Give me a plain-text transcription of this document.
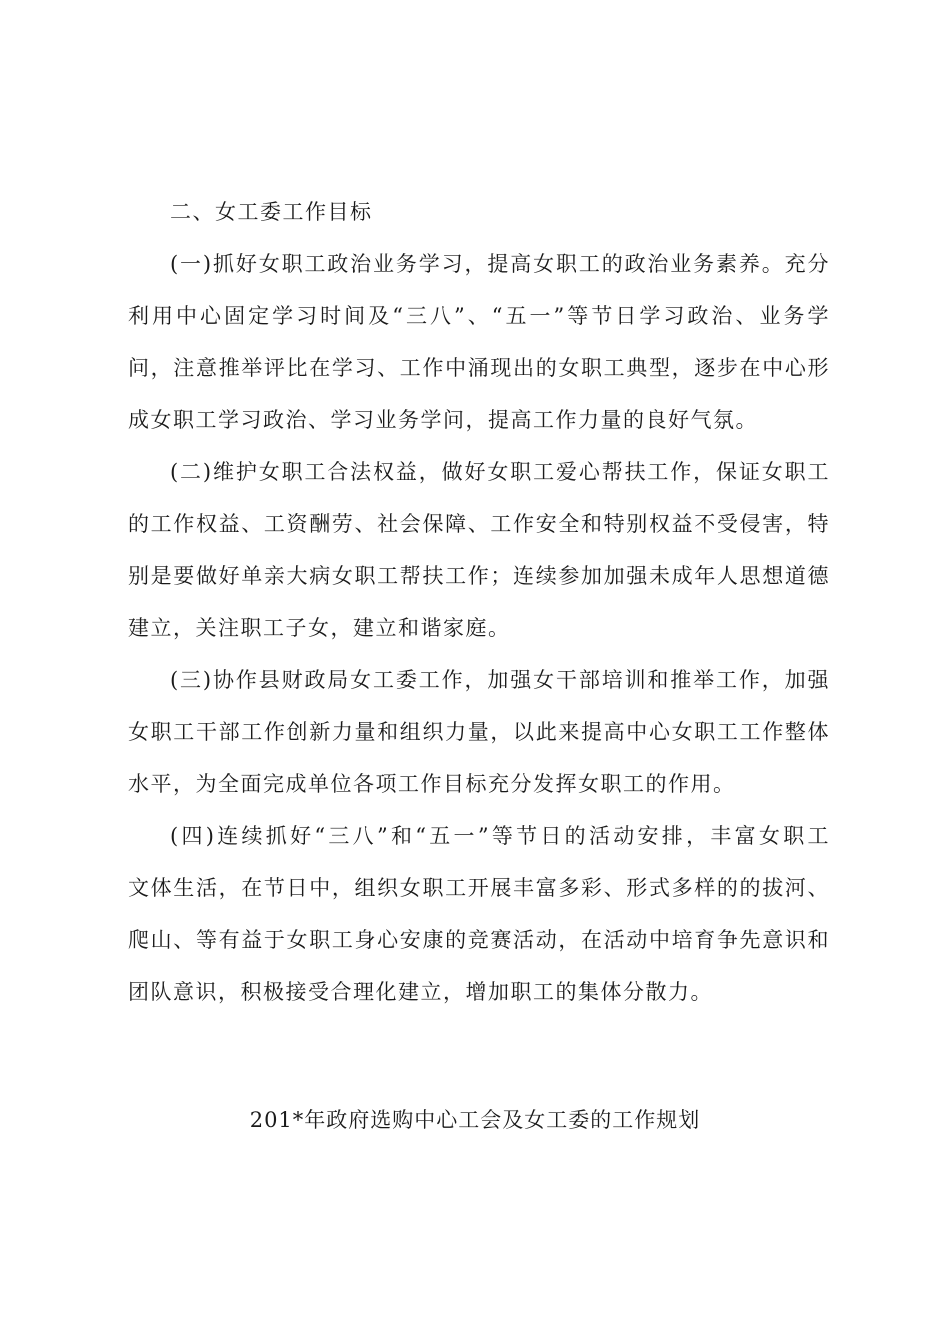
二、女工委工作目标

(一)抓好女职工政治业务学习，提高女职工的政治业务素养。充分
利用中心固定学习时间及“三八”、“五一”等节日学习政治、业务学
问，注意推举评比在学习、工作中涌现出的女职工典型，逐步在中心形
成女职工学习政治、学习业务学问，提高工作力量的良好气氛。
(二)维护女职工合法权益，做好女职工爱心帮扶工作，保证女职工
的工作权益、工资酬劳、社会保障、工作安全和特别权益不受侵害，特
别是要做好单亲大病女职工帮扶工作；连续参加加强未成年人思想道德
建立，关注职工子女，建立和谐家庭。
(三)协作县财政局女工委工作，加强女干部培训和推举工作，加强
女职工干部工作创新力量和组织力量，以此来提高中心女职工工作整体
水平，为全面完成单位各项工作目标充分发挥女职工的作用。
(四)连续抓好“三八”和“五一”等节日的活动安排，丰富女职工
文体生活，在节日中，组织女职工开展丰富多彩、形式多样的的拔河、
爬山、等有益于女职工身心安康的竞赛活动，在活动中培育争先意识和
团队意识，积极接受合理化建立，增加职工的集体分散力。
201*年政府选购中心工会及女工委的工作规划
